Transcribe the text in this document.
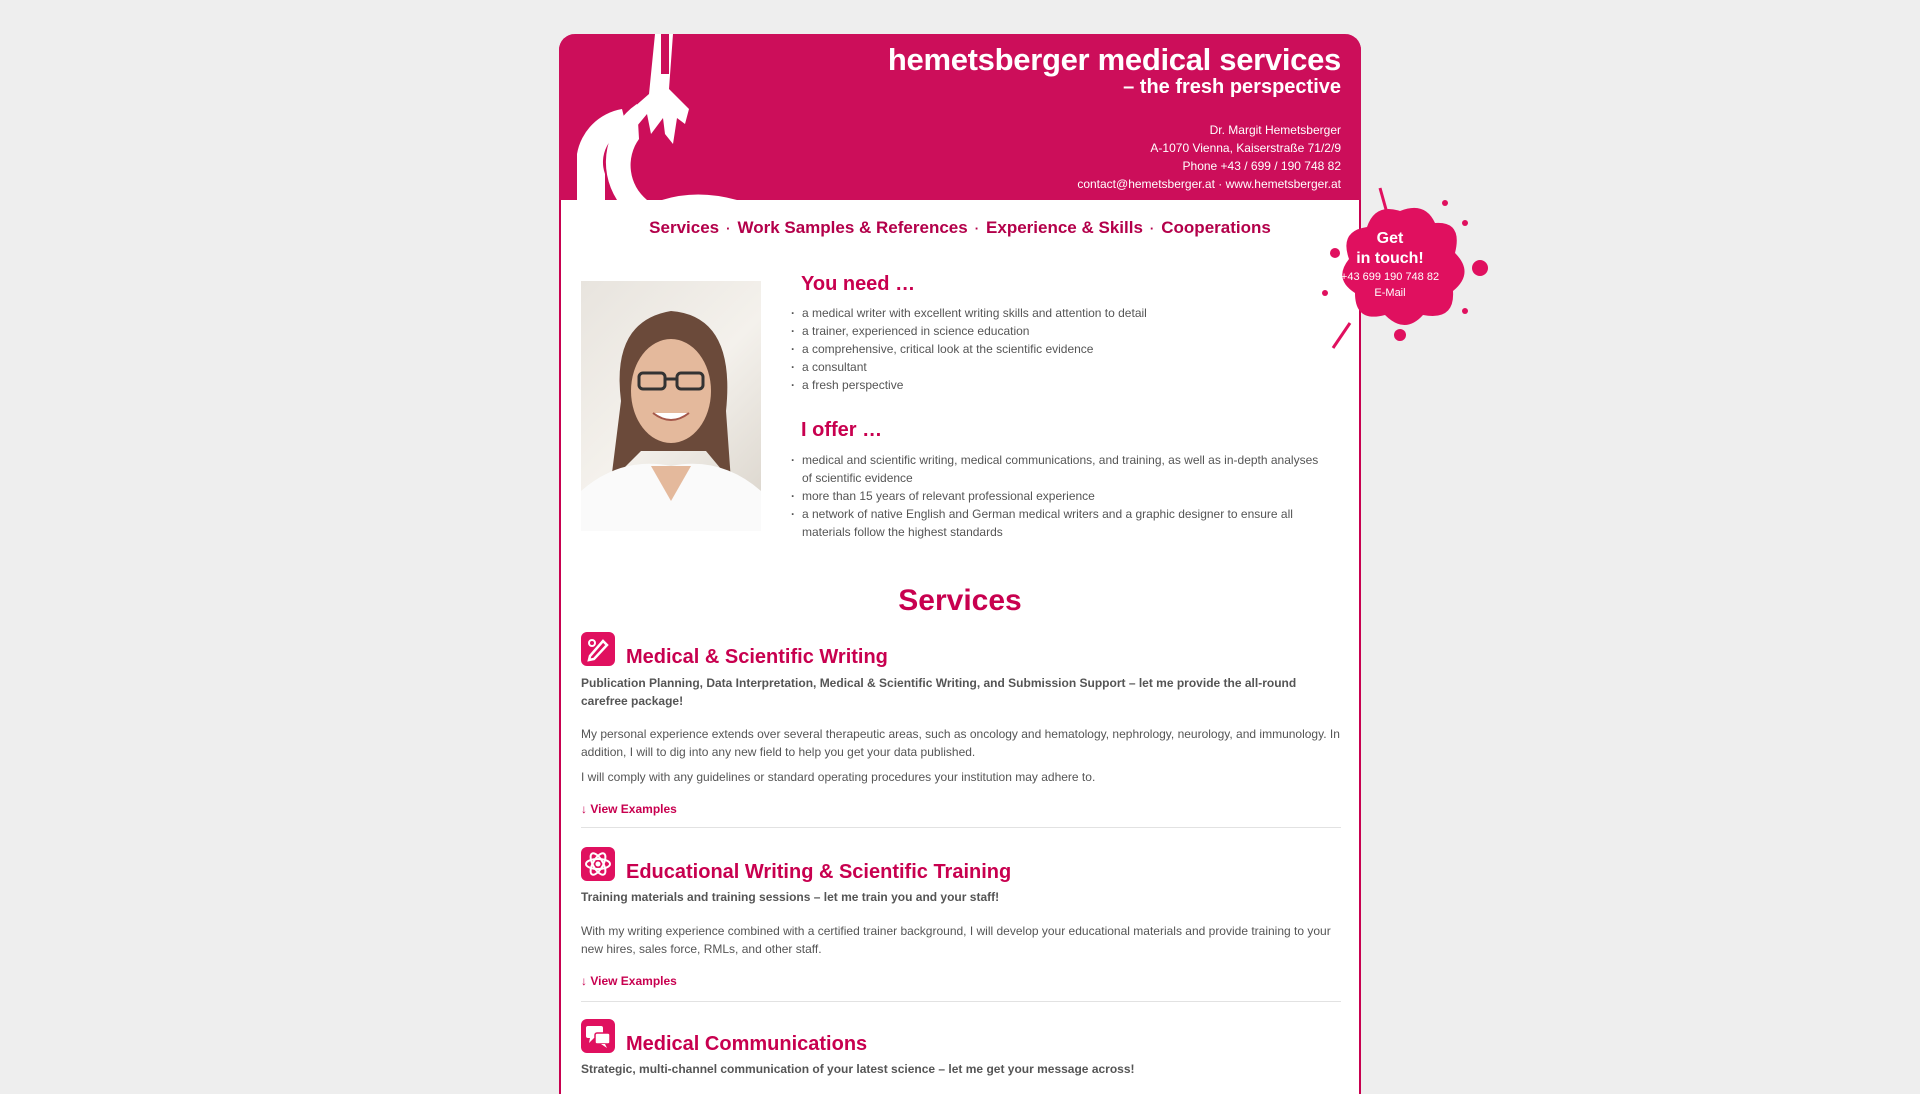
hemetsberger medical services
– the fresh perspective
Dr. Margit Hemetsberger
A-1070 Vienna, Kaiserstraße 71/2/9
Phone +43 / 699 / 190 748 82
contact@hemetsberger.at · www.hemetsberger.at
Services · Work Samples & References · Experience & Skills · Cooperations
You need …
· a medical writer with excellent writing skills and attention to detail
· a trainer, experienced in science education
· a comprehensive, critical look at the scientific evidence
· a consultant
· a fresh perspective
I offer …
· medical and scientific writing, medical communications, and training, as well as in-depth analyses of scientific evidence
· more than 15 years of relevant professional experience
· a network of native English and German medical writers and a graphic designer to ensure all materials follow the highest standards
Services
Medical & Scientific Writing
Publication Planning, Data Interpretation, Medical & Scientific Writing, and Submission Support – let me provide the all-round carefree package!

My personal experience extends over several therapeutic areas, such as oncology and hematology, nephrology, neurology, and immunology. In addition, I will to dig into any new field to help you get your data published.

I will comply with any guidelines or standard operating procedures your institution may adhere to.

↓ View Examples
Educational Writing & Scientific Training
Training materials and training sessions – let me train you and your staff!

With my writing experience combined with a certified trainer background, I will develop your educational materials and provide training to your new hires, sales force, RMLs, and other staff.

↓ View Examples
Medical Communications
Strategic, multi-channel communication of your latest science – let me get your message across!
Get
in touch!
+43 699 190 748 82
E-Mail
